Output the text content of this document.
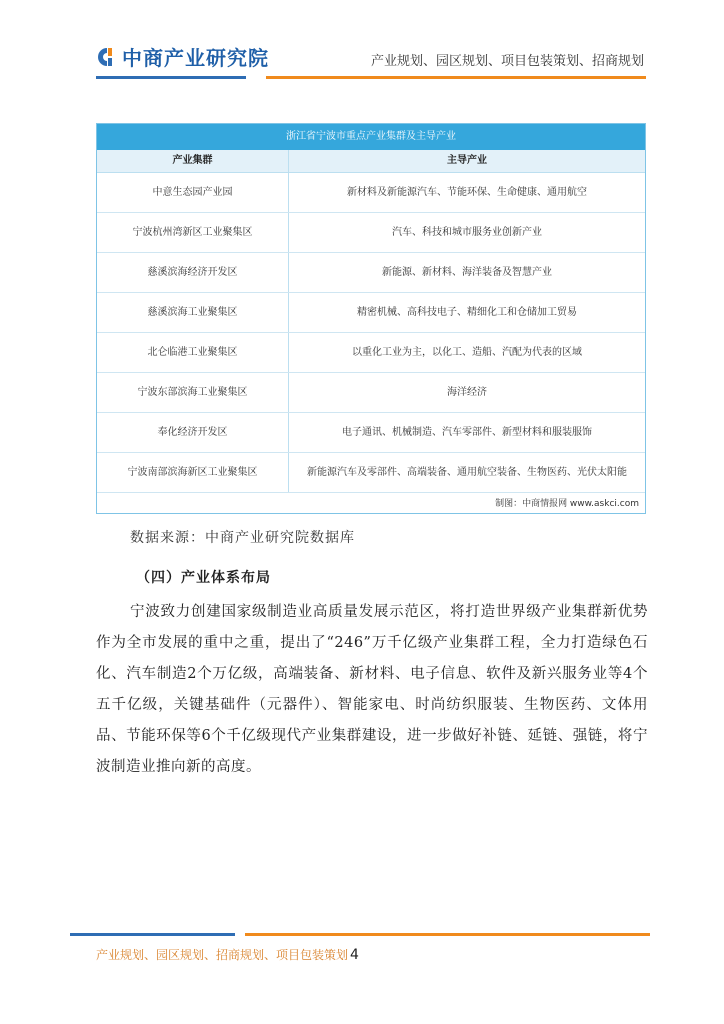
中商产业研究院	产业规划、园区规划、项目包装策划、招商规划
浙江省宁波市重点产业集群及主导产业
产业集群	主导产业
中意生态园产业园	新材料及新能源汽车、节能环保、生命健康、通用航空
宁波杭州湾新区工业聚集区	汽车、科技和城市服务业创新产业
慈溪滨海经济开发区	新能源、新材料、海洋装备及智慧产业
慈溪滨海工业聚集区	精密机械、高科技电子、精细化工和仓储加工贸易
北仑临港工业聚集区	以重化工业为主，以化工、造船、汽配为代表的区域
宁波东部滨海工业聚集区	海洋经济
奉化经济开发区	电子通讯、机械制造、汽车零部件、新型材料和服装服饰
宁波南部滨海新区工业聚集区	新能源汽车及零部件、高端装备、通用航空装备、生物医药、光伏太阳能
制图：中商情报网 www.askci.com
数据来源：中商产业研究院数据库
（四）产业体系布局

宁波致力创建国家级制造业高质量发展示范区，将打造世界级产业集群新优势作为全市发展的重中之重，提出了“246”万千亿级产业集群工程，全力打造绿色石化、汽车制造2个万亿级，高端装备、新材料、电子信息、软件及新兴服务业等4个五千亿级，关键基础件（元器件）、智能家电、时尚纺织服装、生物医药、文体用品、节能环保等6个千亿级现代产业集群建设，进一步做好补链、延链、强链，将宁波制造业推向新的高度。

产业规划、园区规划、招商规划、项目包装策划 4
